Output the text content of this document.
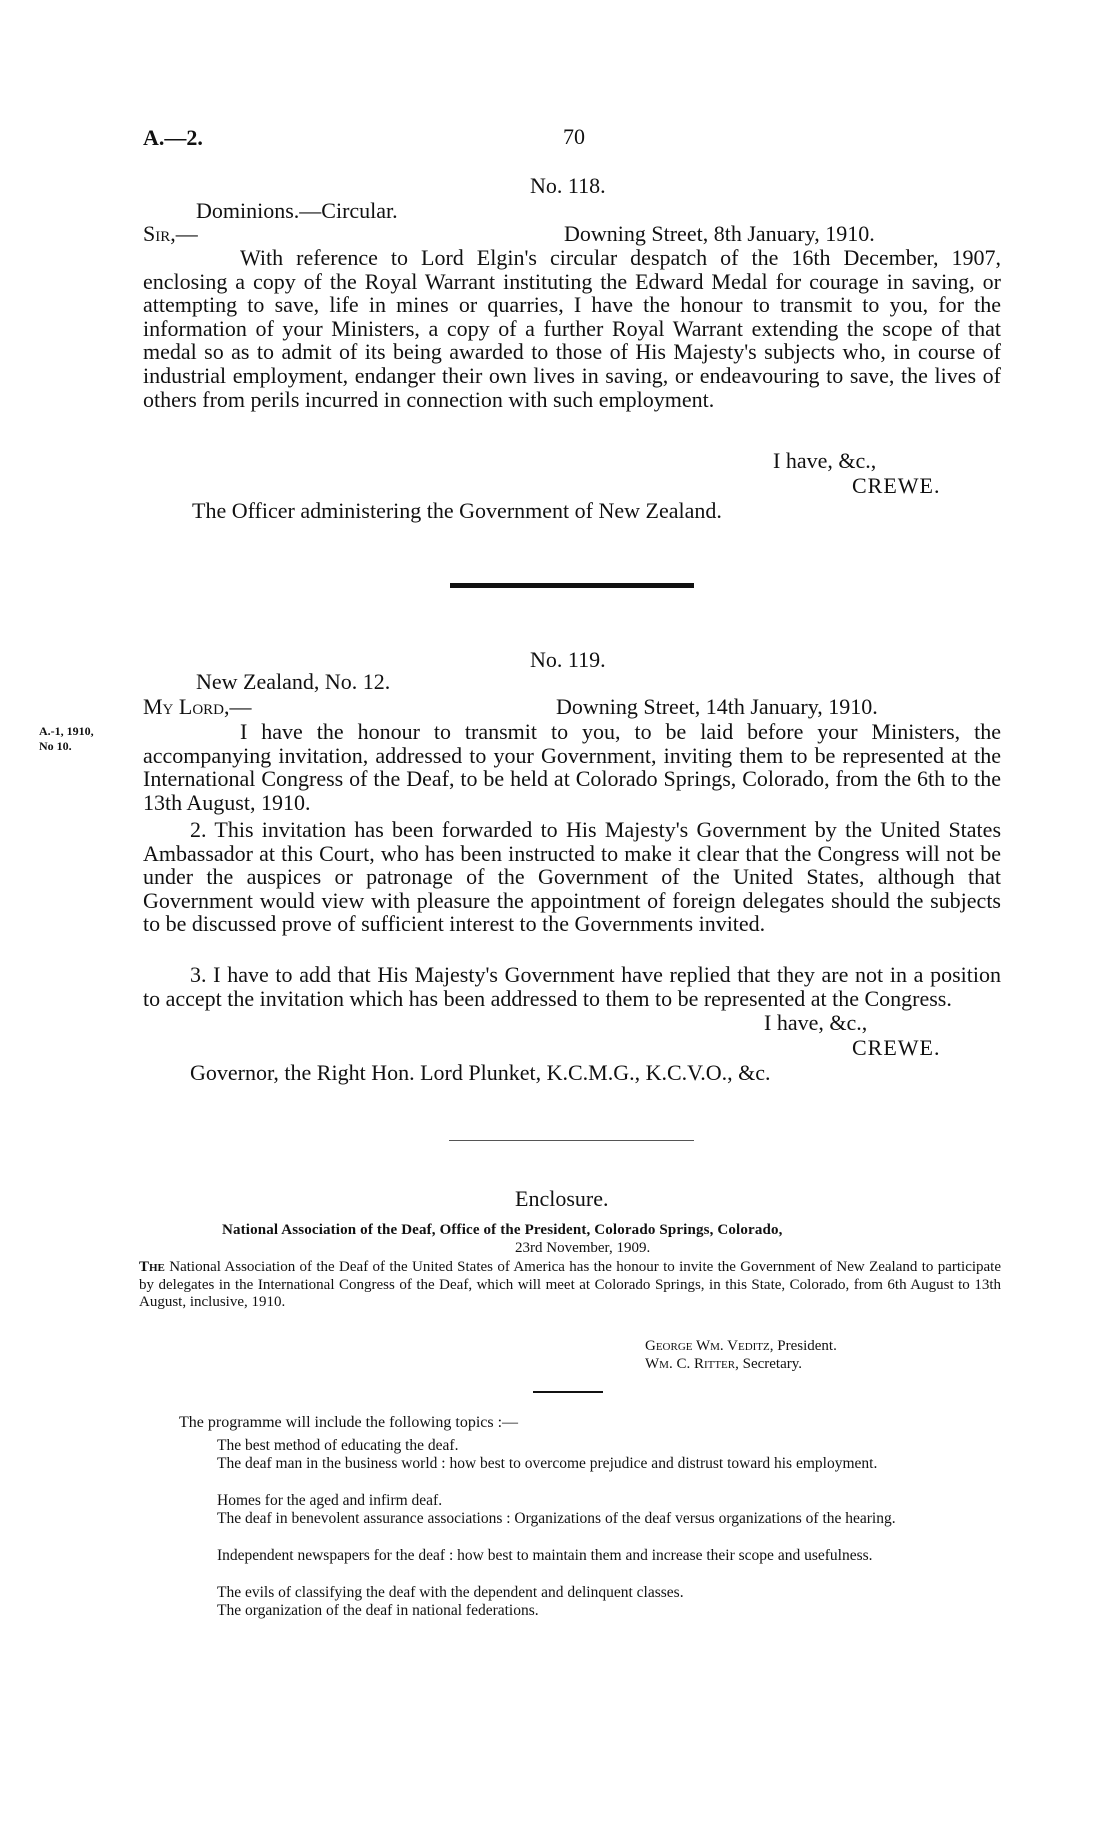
A.—2.	70
No. 118.
Dominions.—Circular.
Sir,—	Downing Street, 8th January, 1910.
With reference to Lord Elgin's circular despatch of the 16th December, 1907, enclosing a copy of the Royal Warrant instituting the Edward Medal for courage in saving, or attempting to save, life in mines or quarries, I have the honour to transmit to you, for the information of your Ministers, a copy of a further Royal Warrant extending the scope of that medal so as to admit of its being awarded to those of His Majesty's subjects who, in course of industrial employment, endanger their own lives in saving, or endeavouring to save, the lives of others from perils incurred in connection with such employment.
I have, &c.,
CREWE.
The Officer administering the Government of New Zealand.
No. 119.
New Zealand, No. 12.
My Lord,—	Downing Street, 14th January, 1910.
A.-1, 1910,
No 10.
I have the honour to transmit to you, to be laid before your Ministers, the accompanying invitation, addressed to your Government, inviting them to be represented at the International Congress of the Deaf, to be held at Colorado Springs, Colorado, from the 6th to the 13th August, 1910.
2. This invitation has been forwarded to His Majesty's Government by the United States Ambassador at this Court, who has been instructed to make it clear that the Congress will not be under the auspices or patronage of the Government of the United States, although that Government would view with pleasure the appointment of foreign delegates should the subjects to be discussed prove of sufficient interest to the Governments invited.
3. I have to add that His Majesty's Government have replied that they are not in a position to accept the invitation which has been addressed to them to be represented at the Congress.
I have, &c.,
CREWE.
Governor, the Right Hon. Lord Plunket, K.C.M.G., K.C.V.O., &c.
Enclosure.
National Association of the Deaf, Office of the President, Colorado Springs, Colorado,
23rd November, 1909.
The National Association of the Deaf of the United States of America has the honour to invite the Government of New Zealand to participate by delegates in the International Congress of the Deaf, which will meet at Colorado Springs, in this State, Colorado, from 6th August to 13th August, inclusive, 1910.
George Wm. Veditz, President.
Wm. C. Ritter, Secretary.
The programme will include the following topics :—
The best method of educating the deaf.
The deaf man in the business world : how best to overcome prejudice and distrust toward his employment.
Homes for the aged and infirm deaf.
The deaf in benevolent assurance associations : Organizations of the deaf versus organizations of the hearing.
Independent newspapers for the deaf : how best to maintain them and increase their scope and usefulness.
The evils of classifying the deaf with the dependent and delinquent classes.
The organization of the deaf in national federations.
